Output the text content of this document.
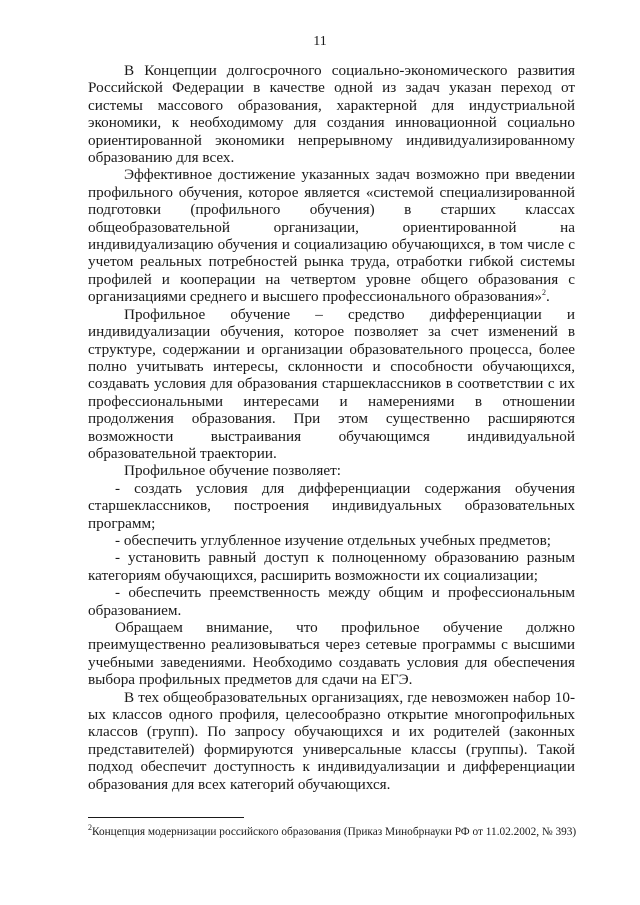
11

В Концепции долгосрочного социально-экономического развития Российской Федерации в качестве одной из задач указан переход от системы массового образования, характерной для индустриальной экономики, к необходимому для создания инновационной социально ориентированной экономики непрерывному индивидуализированному образованию для всех.

Эффективное достижение указанных задач возможно при введении профильного обучения, которое является «системой специализированной подготовки (профильного обучения) в старших классах общеобразовательной организации, ориентированной на индивидуализацию обучения и социализацию обучающихся, в том числе с учетом реальных потребностей рынка труда, отработки гибкой системы профилей и кооперации на четвертом уровне общего образования с организациями среднего и высшего профессионального образования»$^2$.

Профильное обучение – средство дифференциации и индивидуализации обучения, которое позволяет за счет изменений в структуре, содержании и организации образовательного процесса, более полно учитывать интересы, склонности и способности обучающихся, создавать условия для образования старшеклассников в соответствии с их профессиональными интересами и намерениями в отношении продолжения образования. При этом существенно расширяются возможности выстраивания обучающимся индивидуальной образовательной траектории.

Профильное обучение позволяет:

- создать условия для дифференциации содержания обучения старшеклассников, построения индивидуальных образовательных программ;

- обеспечить углубленное изучение отдельных учебных предметов;

- установить равный доступ к полноценному образованию разным категориям обучающихся, расширить возможности их социализации;

- обеспечить преемственность между общим и профессиональным образованием.

Обращаем внимание, что профильное обучение должно преимущественно реализовываться через сетевые программы с высшими учебными заведениями. Необходимо создавать условия для обеспечения выбора профильных предметов для сдачи на ЕГЭ.

В тех общеобразовательных организациях, где невозможен набор 10-ых классов одного профиля, целесообразно открытие многопрофильных классов (групп). По запросу обучающихся и их родителей (законных представителей) формируются универсальные классы (группы). Такой подход обеспечит доступность к индивидуализации и дифференциации образования для всех категорий обучающихся.

$^2$Концепция модернизации российского образования (Приказ Минобрнауки РФ от 11.02.2002, № 393)
